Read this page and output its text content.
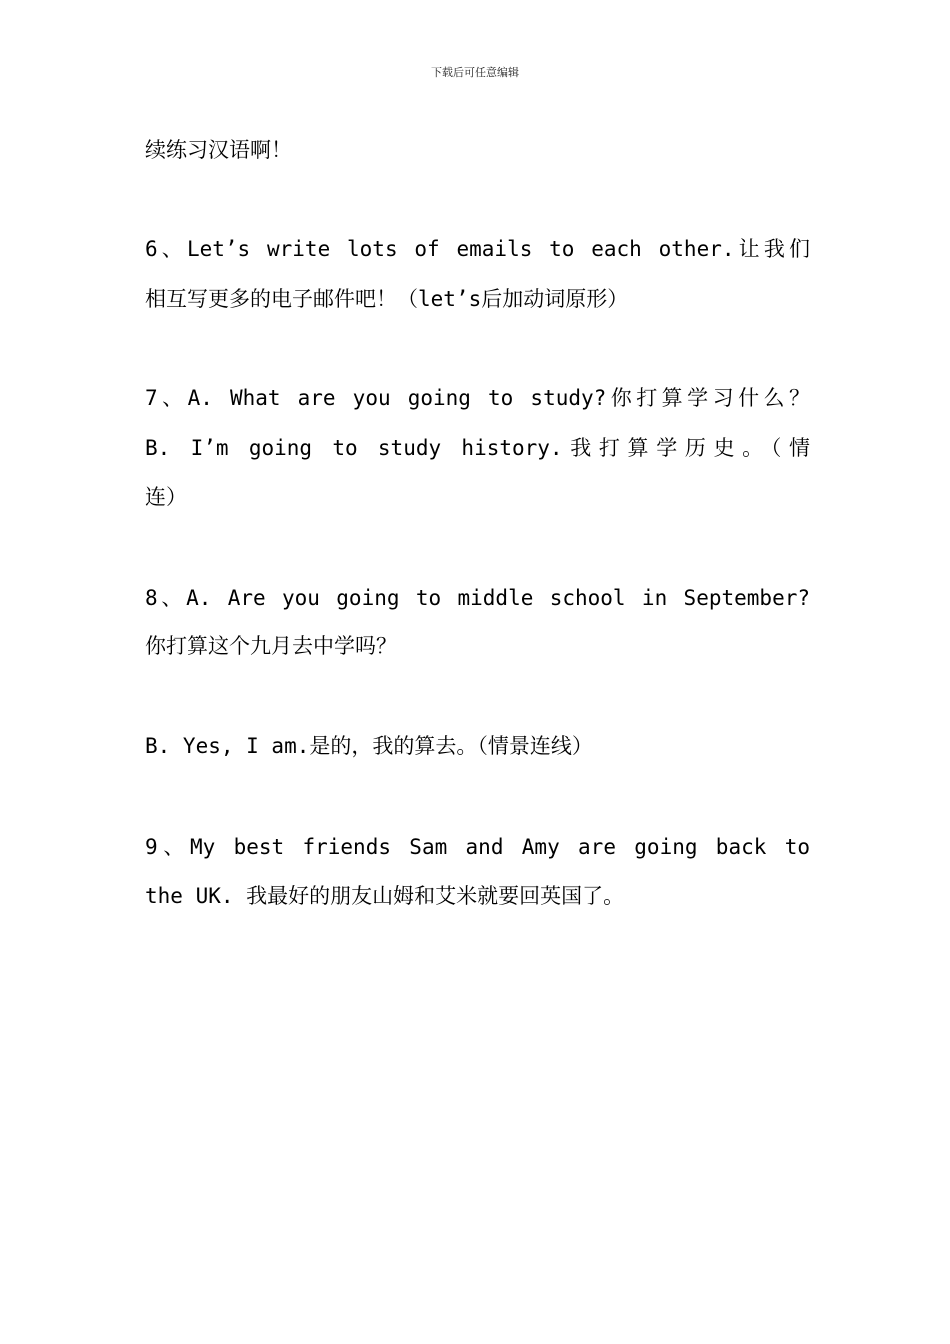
下载后可任意编辑
续练习汉语啊！
6、Let’s write lots of emails to each other.让我们
相互写更多的电子邮件吧！（let’s后加动词原形）
7、A. What are you going to study?你打算学习什么？
B. I’m going to study history.我打算学历史。（情
连）
8、A. Are you going to middle school in September?
你打算这个九月去中学吗？
B. Yes, I am.是的，我的算去。（情景连线）
9、My best friends Sam and Amy are going back to
the UK. 我最好的朋友山姆和艾米就要回英国了。
